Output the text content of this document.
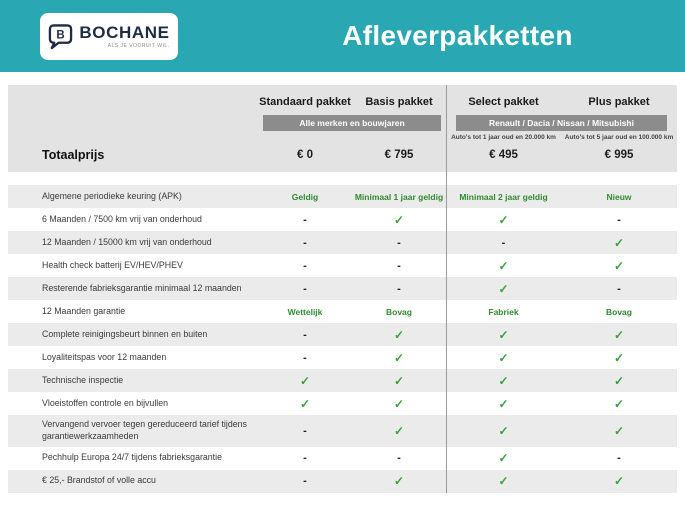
B BOCHANE
ALS JE VOORUIT WIL.	Afleverpakketten
Standaard pakket	Basis pakket	Select pakket	Plus pakket
Alle merken en bouwjaren	Renault / Dacia / Nissan / Mitsubishi
Auto's tot 1 jaar oud en 20.000 km	Auto's tot 5 jaar oud en 100.000 km
Totaalprijs	€ 0	€ 795	€ 495	€ 995
Algemene periodieke keuring (APK)	Geldig	Minimaal 1 jaar geldig	Minimaal 2 jaar geldig	Nieuw
6 Maanden / 7500 km vrij van onderhoud	-	✓	✓	-
12 Maanden / 15000 km vrij van onderhoud	-	-	-	✓
Health check batterij EV/HEV/PHEV	-	-	✓	✓
Resterende fabrieksgarantie minimaal 12 maanden	-	-	✓	-
12 Maanden garantie	Wettelijk	Bovag	Fabriek	Bovag
Complete reinigingsbeurt binnen en buiten	-	✓	✓	✓
Loyaliteitspas voor 12 maanden	-	✓	✓	✓
Technische inspectie	✓	✓	✓	✓
Vloeistoffen controle en bijvullen	✓	✓	✓	✓
Vervangend vervoer tegen gereduceerd tarief tijdens garantiewerkzaamheden	-	✓	✓	✓
Pechhulp Europa 24/7 tijdens fabrieksgarantie	-	-	✓	-
€ 25,- Brandstof of volle accu	-	✓	✓	✓
